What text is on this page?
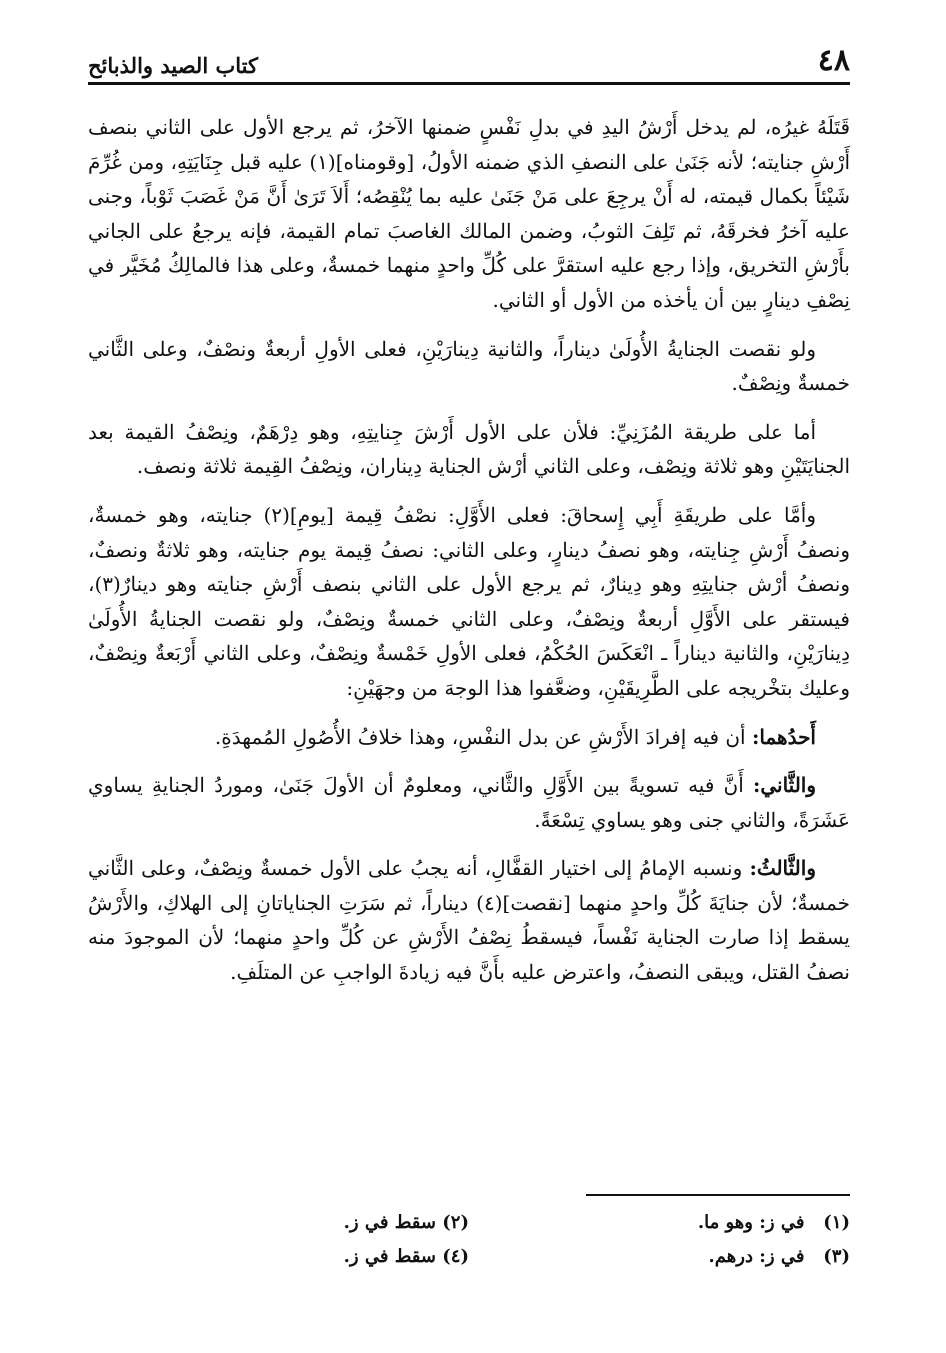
٤٨
كتاب الصيد والذبائح

قَتَلَهُ غيرُه، لم يدخل أَرْشُ اليدِ في بدلِ نَفْسٍ ضمنها الآخرُ، ثم يرجع الأول على الثاني بنصف أَرْشِ جنايته؛ لأنه جَنَىٰ على النصفِ الذي ضمنه الأولُ، [وقومناه](١) عليه قبل جِنَايَتِهِ، ومن غُرِّمَ شَيْئاً بكمال قيمته، له أَنْ يرجِعَ على مَنْ جَنَىٰ عليه بما يُنْقِصُه؛ أَلاَ تَرَىٰ أَنَّ مَنْ غَصَبَ ثَوْباً، وجنى عليه آخرُ فخرقَهُ، ثم تَلِفَ الثوبُ، وضمن المالك الغاصبَ تمام القيمة، فإنه يرجعُ على الجاني بأَرْشِ التخريق، وإذا رجع عليه استقرَّ على كُلِّ واحدٍ منهما خمسةٌ، وعلى هذا فالمالِكُ مُخَيَّر في نِصْفِ دينارٍ بين أن يأخذه من الأول أو الثاني.

ولو نقصت الجنايةُ الأُولَىٰ ديناراً، والثانية دِينارَيْنِ، فعلى الأولِ أربعةٌ ونصْفٌ، وعلى الثَّاني خمسةٌ ونِصْفٌ.

أما على طريقة المُزَنِيِّ: فلأن على الأول أَرْشَ جِنايتِهِ، وهو دِرْهَمٌ، ونِصْفُ القيمة بعد الجنايَتَيْنِ وهو ثلاثة ونِصْف، وعلى الثاني أرْش الجناية دِيناران، ونِصْفُ القِيمة ثلاثة ونصف.

وأمَّا على طريقَةِ أَبِي إِسحاقَ: فعلى الأَوَّلِ: نصْفُ قِيمة [يومِ](٢) جنايته، وهو خمسةٌ، ونصفُ أَرْشِ جِنايته، وهو نصفُ دينارٍ، وعلى الثاني: نصفُ قِيمة يوم جنايته، وهو ثلاثةٌ ونصفٌ، ونصفُ أرْش جنايتِهِ وهو دِينارٌ، ثم يرجع الأول على الثاني بنصف أَرْشِ جنايته وهو دينارٌ(٣)، فيستقر على الأَوَّلِ أربعةٌ ونِصْفٌ، وعلى الثاني خمسةٌ ونِصْفٌ، ولو نقصت الجنايةُ الأُولَىٰ دِينارَيْنِ، والثانية ديناراً ـ انْعَكَسَ الحُكْمُ، فعلى الأولِ خَمْسةٌ ونِصْفٌ، وعلى الثاني أَرْبَعةٌ ونِصْفٌ، وعليك بتخْريجه على الطَّرِيقَيْنِ، وضعَّفوا هذا الوجهَ من وجهَيْنِ:

أَحدُهما: أن فيه إفرادَ الأَرْشِ عن بدل النفْسِ، وهذا خلافُ الأُصُولِ المُمهدَةِ.

والثَّاني: أَنَّ فيه تسويةً بين الأَوَّلِ والثَّاني، ومعلومٌ أن الأولَ جَنَىٰ، وموردُ الجنايةِ يساوي عَشَرَةً، والثاني جنى وهو يساوي تِسْعَةً.

والثَّالثُ: ونسبه الإمامُ إلى اختيار القفَّالِ، أنه يجبُ على الأول خمسةٌ ونِصْفٌ، وعلى الثَّاني خمسةٌ؛ لأن جنايَةَ كُلِّ واحدٍ منهما [نقصت](٤) ديناراً، ثم سَرَتِ الجناياتانِ إلى الهلاكِ، والأَرْشُ يسقط إذا صارت الجناية نَفْساً، فيسقطُ نِصْفُ الأَرْشِ عن كُلِّ واحدٍ منهما؛ لأن الموجودَ منه نصفُ القتل، ويبقى النصفُ، واعترض عليه بأَنَّ فيه زيادةَ الواجبِ عن المتلَفِ.

(١)   في ز: وهو ما.
(٢) سقط في ز.
(٣)   في ز: درهم.
(٤) سقط في ز.
